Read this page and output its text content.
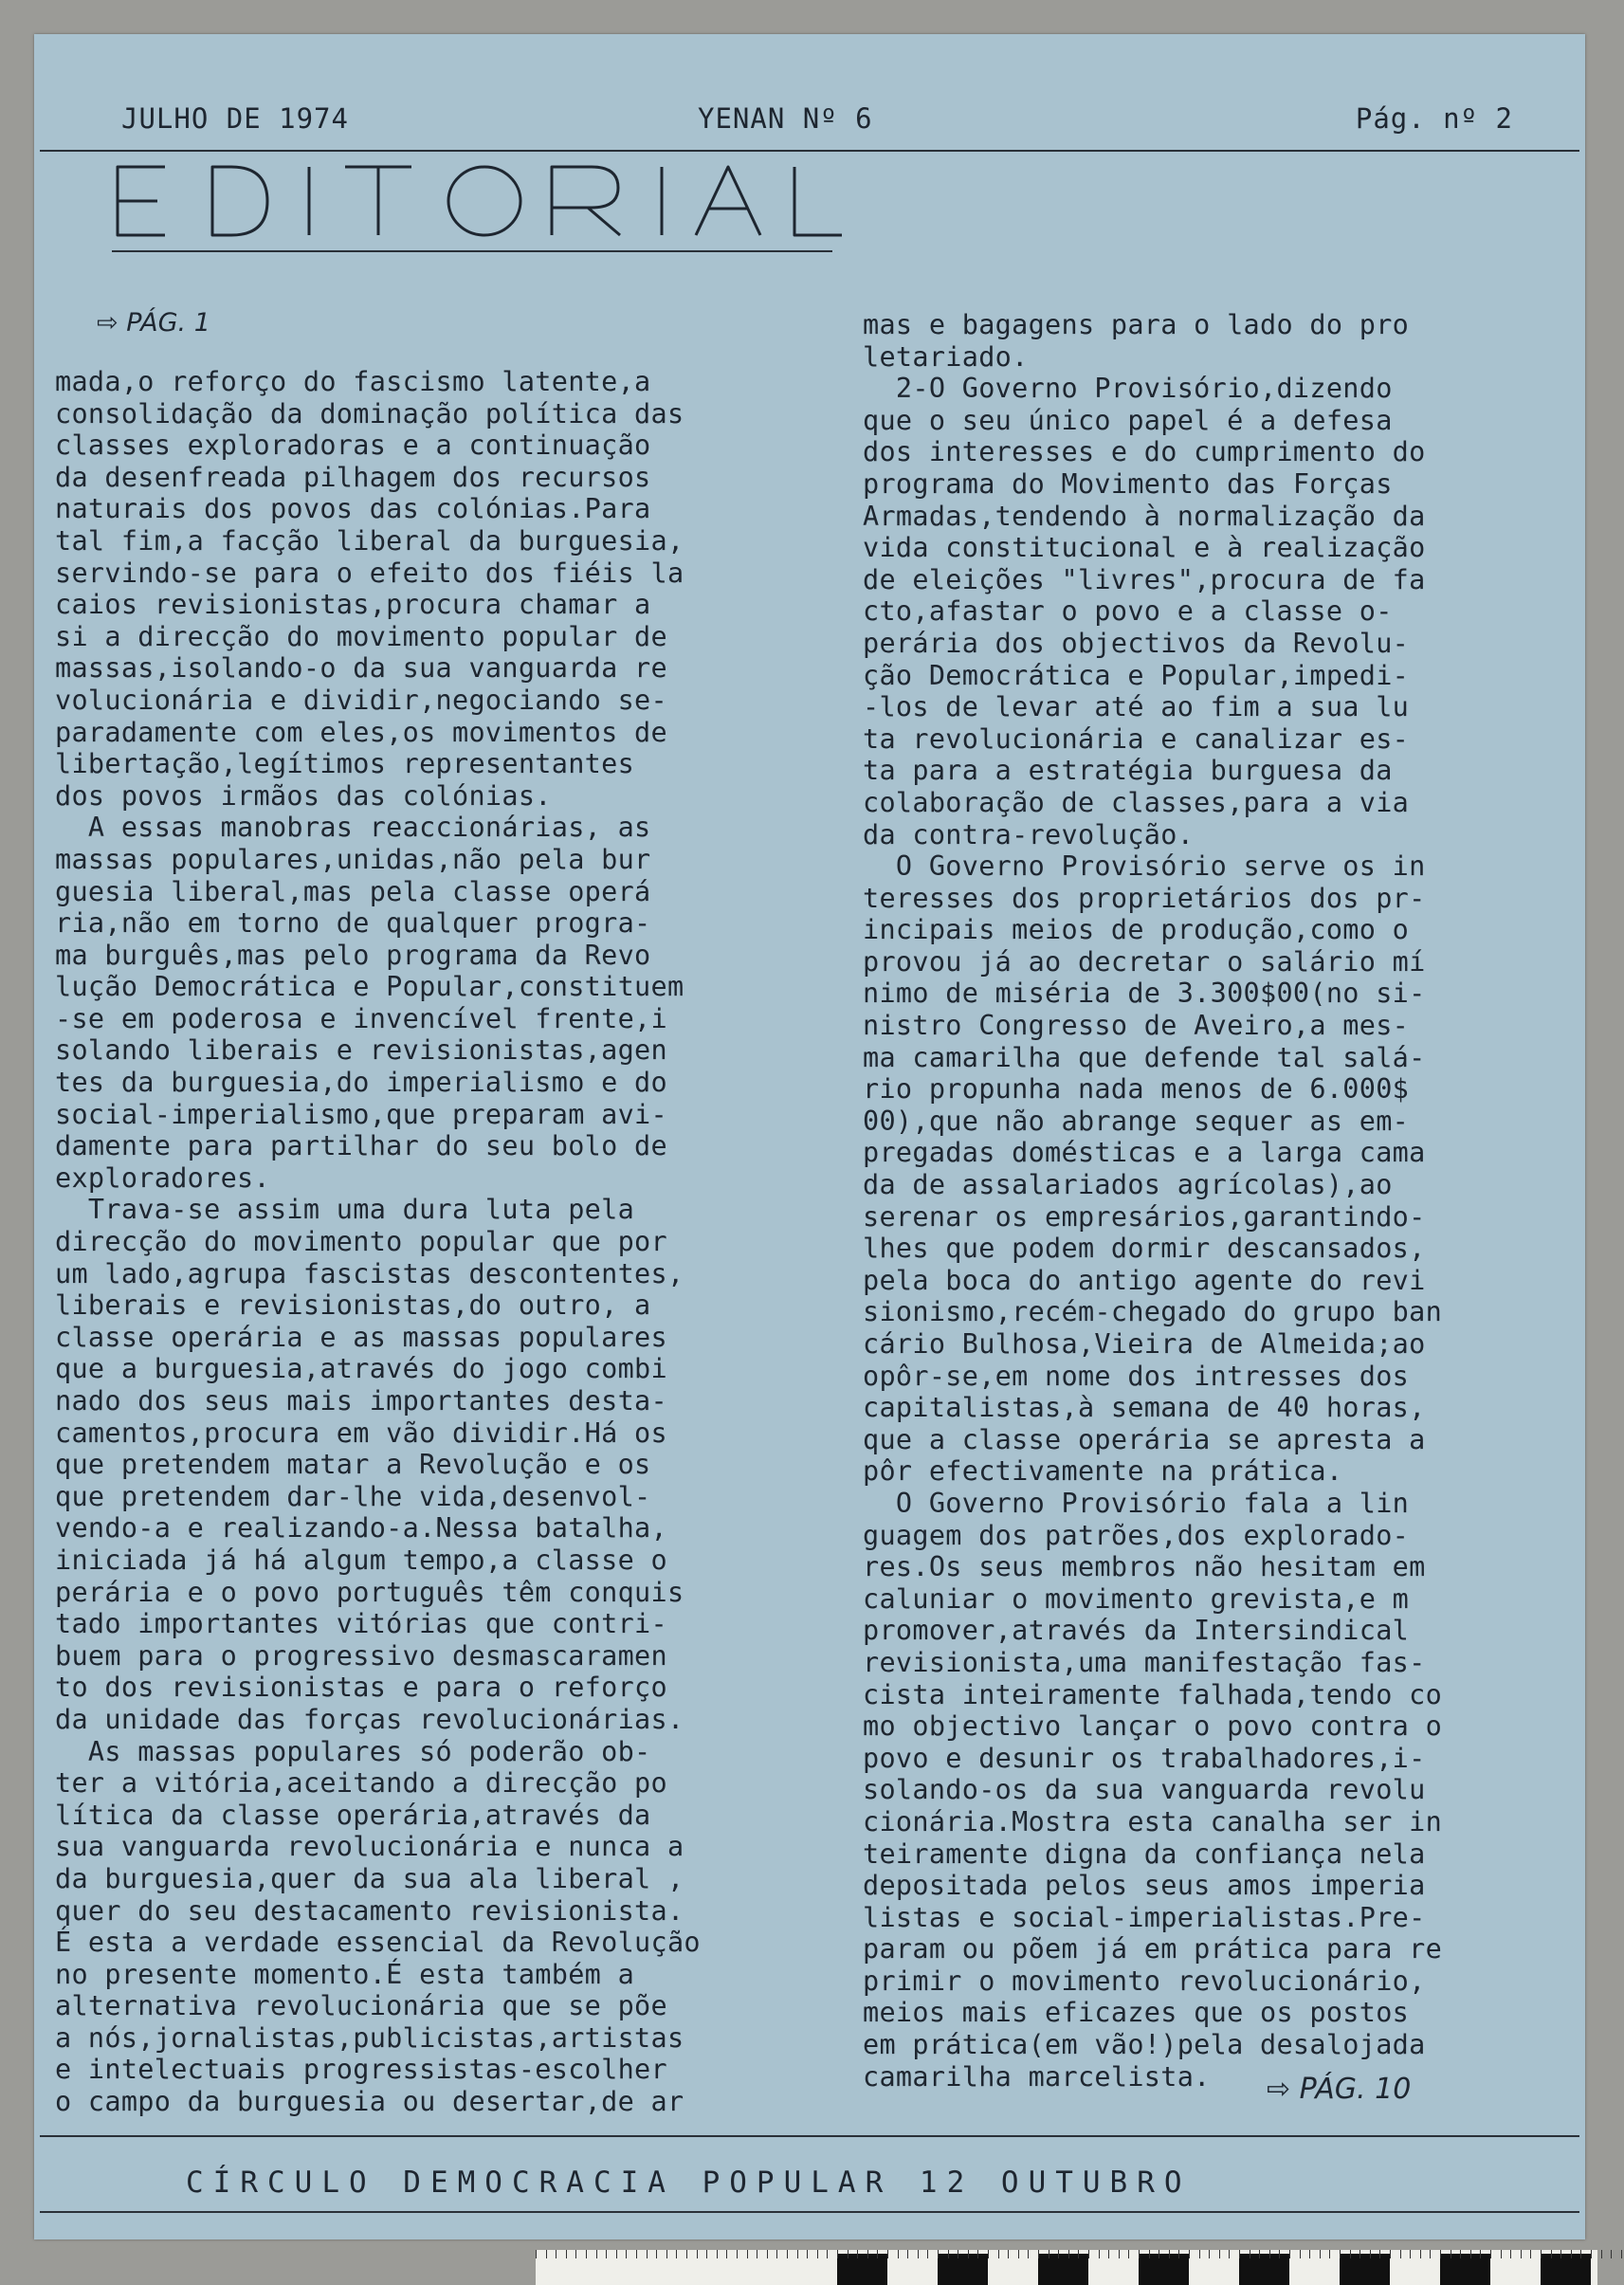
JULHO DE 1974	YENAN Nº 6	Pág. nº 2
⇨ PÁG. 1
mada,o reforço do fascismo latente,a
consolidação da dominação política das
classes exploradoras e a continuação
da desenfreada pilhagem dos recursos
naturais dos povos das colónias.Para
tal fim,a facção liberal da burguesia,
servindo-se para o efeito dos fiéis la
caios revisionistas,procura chamar a
si a direcção do movimento popular de
massas,isolando-o da sua vanguarda re
volucionária e dividir,negociando se-
paradamente com eles,os movimentos de
libertação,legítimos representantes
dos povos irmãos das colónias.
A essas manobras reaccionárias, as
massas populares,unidas,não pela bur
guesia liberal,mas pela classe operá
ria,não em torno de qualquer progra-
ma burguês,mas pelo programa da Revo
lução Democrática e Popular,constituem
-se em poderosa e invencível frente,i
solando liberais e revisionistas,agen
tes da burguesia,do imperialismo e do
social-imperialismo,que preparam avi-
damente para partilhar do seu bolo de
exploradores.
Trava-se assim uma dura luta pela
direcção do movimento popular que por
um lado,agrupa fascistas descontentes,
liberais e revisionistas,do outro, a
classe operária e as massas populares
que a burguesia,através do jogo combi
nado dos seus mais importantes desta-
camentos,procura em vão dividir.Há os
que pretendem matar a Revolução e os
que pretendem dar-lhe vida,desenvol-
vendo-a e realizando-a.Nessa batalha,
iniciada já há algum tempo,a classe o
perária e o povo português têm conquis
tado importantes vitórias que contri-
buem para o progressivo desmascaramen
to dos revisionistas e para o reforço
da unidade das forças revolucionárias.
As massas populares só poderão ob-
ter a vitória,aceitando a direcção po
lítica da classe operária,através da
sua vanguarda revolucionária e nunca a
da burguesia,quer da sua ala liberal ,
quer do seu destacamento revisionista.
É esta a verdade essencial da Revolução
no presente momento.É esta também a
alternativa revolucionária que se põe
a nós,jornalistas,publicistas,artistas
e intelectuais progressistas-escolher
o campo da burguesia ou desertar,de ar
mas e bagagens para o lado do pro
letariado.
2-O Governo Provisório,dizendo
que o seu único papel é a defesa
dos interesses e do cumprimento do
programa do Movimento das Forças
Armadas,tendendo à normalização da
vida constitucional e à realização
de eleições "livres",procura de fa
cto,afastar o povo e a classe o-
perária dos objectivos da Revolu-
ção Democrática e Popular,impedi-
-los de levar até ao fim a sua lu
ta revolucionária e canalizar es-
ta para a estratégia burguesa da
colaboração de classes,para a via
da contra-revolução.
O Governo Provisório serve os in
teresses dos proprietários dos pr-
incipais meios de produção,como o
provou já ao decretar o salário mí
nimo de miséria de 3.300$00(no si-
nistro Congresso de Aveiro,a mes-
ma camarilha que defende tal salá-
rio propunha nada menos de 6.000$
00),que não abrange sequer as em-
pregadas domésticas e a larga cama
da de assalariados agrícolas),ao
serenar os empresários,garantindo-
lhes que podem dormir descansados,
pela boca do antigo agente do revi
sionismo,recém-chegado do grupo ban
cário Bulhosa,Vieira de Almeida;ao
opôr-se,em nome dos intresses dos
capitalistas,à semana de 40 horas,
que a classe operária se apresta a
pôr efectivamente na prática.
O Governo Provisório fala a lin
guagem dos patrões,dos explorado-
res.Os seus membros não hesitam em
caluniar o movimento grevista,e m
promover,através da Intersindical
revisionista,uma manifestação fas-
cista inteiramente falhada,tendo co
mo objectivo lançar o povo contra o
povo e desunir os trabalhadores,i-
solando-os da sua vanguarda revolu
cionária.Mostra esta canalha ser in
teiramente digna da confiança nela
depositada pelos seus amos imperia
listas e social-imperialistas.Pre-
param ou põem já em prática para re
primir o movimento revolucionário,
meios mais eficazes que os postos
em prática(em vão!)pela desalojada
camarilha marcelista.	⇨ PÁG. 10
CÍRCULO DEMOCRACIA POPULAR 12 OUTUBRO
